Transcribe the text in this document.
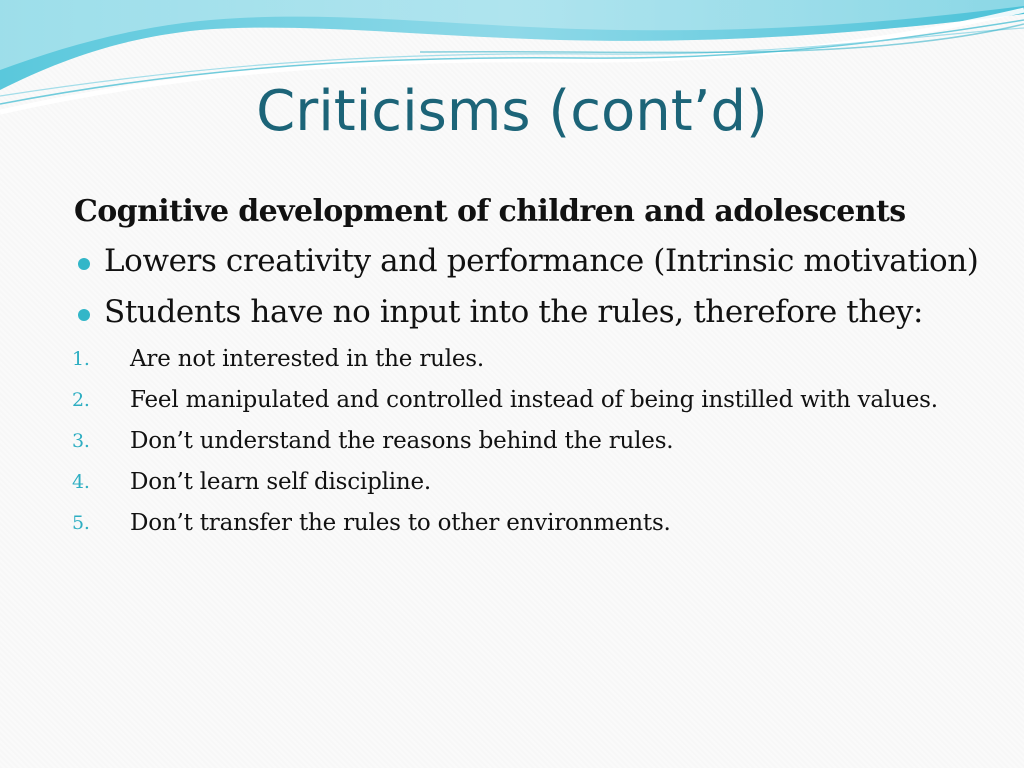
Criticisms (cont’d)
Cognitive development of children and adolescents
Lowers creativity and performance (Intrinsic motivation)
Students have no input into the rules, therefore they:
1. Are not interested in the rules.
2. Feel manipulated and controlled instead of being instilled with values.
3. Don’t understand the reasons behind the rules.
4. Don’t learn self discipline.
5. Don’t transfer the rules to other environments.
